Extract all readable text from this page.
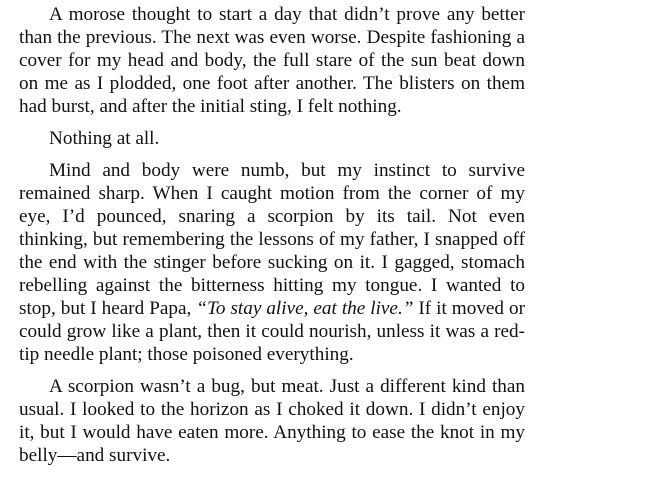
A morose thought to start a day that didn’t prove any better than the previous. The next was even worse. Despite fashioning a cover for my head and body, the full stare of the sun beat down on me as I plodded, one foot after another. The blisters on them had burst, and after the initial sting, I felt nothing.

Nothing at all.

Mind and body were numb, but my instinct to survive remained sharp. When I caught motion from the corner of my eye, I’d pounced, snaring a scorpion by its tail. Not even thinking, but remembering the lessons of my father, I snapped off the end with the stinger before sucking on it. I gagged, stomach rebelling against the bitterness hitting my tongue. I wanted to stop, but I heard Papa, “To stay alive, eat the live.” If it moved or could grow like a plant, then it could nourish, unless it was a red-tip needle plant; those poisoned everything.

A scorpion wasn’t a bug, but meat. Just a different kind than usual. I looked to the horizon as I choked it down. I didn’t enjoy it, but I would have eaten more. Anything to ease the knot in my belly—and survive.
